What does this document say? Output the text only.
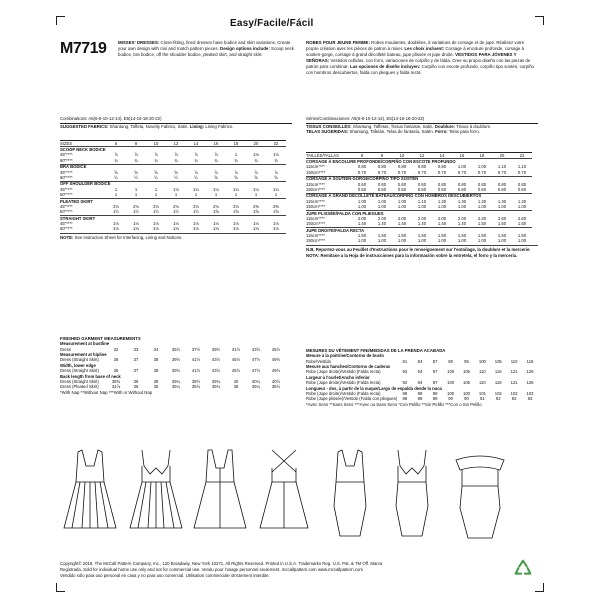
Easy/Facile/Fácil
M7719	MISSES' DRESSES: Close-fitting, lined dresses have bodice and skirt variations. Create your own design with mix and match pattern pieces. Design options include: Scoop neck bodice, bra bodice, off the shoulder bodice, pleated skirt, and straight skirt.
ROBES POUR JEUNE FEMME: Robes moulantes, doublées, à variations de corsage et de jupe. Réalisez votre propre création avec les pièces de patron à mixer. Les choix incluent: Corsage à encolure profonde, corsage à soutien-gorge, corsage à grand décolleté bateau, jupe plissée et jupe droite. VESTIDOS PARA JÓVENES Y SEÑORAS: Vestidos ceñidos, con forro, variaciones de corpiño y de falda. Cree su propio diseño con las piezas de patrón para combinar. Las opciones de diseño incluyen: Corpiño con escote profundo, corpiño tipo sostén, corpiño con hombros descubiertos, falda con pliegues y falda recta.
Combinations: A5(6-8-10-12-14), E5(14-16-18-20-22)
SUGGESTED FABRICS: Shantung, Taffeta, Novelty Fabrics, Satin. Lining: Lining Fabrics.
SIZES	6	8	10	12	14	16	18	20	22
SCOOP NECK BODICE									
45"****	⅞	⅞	⅞	⅞	⅞	⅞	1	1⅛	1⅛
60"****	¾	¾	¾	¾	¾	¾	¾	¾	¾
BRA BODICE									
45"****	⅝	⅝	⅝	⅝	⅞	⅞	⅞	⅞	⅞
60"****	½	½	½	½	½	⅝	⅝	⅝	⅝
OFF SHOULDER BODICE									
45"****	1	1	1	1⅛	1¼	1¼	1¼	1¼	1¼
60"****	1	1	1	1	1	1	1	1	1
PLEATED SKIRT									
45"****	2⅛	2⅛	2⅛	2⅛	2⅛	2⅛	2⅛	2⅜	2⅜
60"****	1½	1½	1½	1½	1½	1⅝	1⅝	1⅝	1⅝
STRAIGHT SKIRT									
45"****	1⅛	1⅛	1⅛	1⅛	1⅛	1⅛	1⅛	1⅛	1⅛
60"****	1⅛	1⅛	1⅛	1⅛	1⅛	1⅛	1⅛	1⅛	1⅛
NOTE: See Instruction Sheet for Interfacing, Lining and Notions.
FINISHED GARMENT MEASUREMENTS
Measurement at bustline									
Dress	32	33	34	35½	37½	39½	41½	43½	45½
Measurement at hipline									
Dress (Straight Skirt)	36	37	38	39½	41½	43½	45½	47½	49½
Width, lower edge									
Dress (Straight Skirt)	36	37	38	39½	41½	43½	45½	47½	49½
Back length from base of neck									
Dress (Straight Skirt)	38¾	39	39	39¼	39½	39¾	40	40¼	40½
Dress (Pleated Skirt)	34⅞	35	35	35¼	35½	35¾	36	36¼	36½
*With Nap **Without Nap ***With or Without Nap
Séries/Combinaciones: A5(6-8-10-12-14), E5(14-16-18-20-22)
TISSUS CONSEILLÉS: Shantung, Taffetas, Tissus fantaisie, Satin. Doublure: Tissus à doublure.
TELAS SUGERIDAS: Shantung, Tafetán, Telas de fantasía, Satén. Forro: Telas para forro.
TAILLES/TALLAS	6	8	10	12	14	16	18	20	22
CORSAGE À ENCOLURE PROFONDE/CORPIÑO CON ESCOTE PROFUNDO									
115cm****	0.80	0.80	0.80	0.80	0.80	1.00	1.00	1.10	1.10
150cm****	0.70	0.70	0.70	0.70	0.70	0.70	0.70	0.70	0.70
CORSAGE À SOUTIEN-GORGE/CORPIÑO TIPO SOSTÉN									
115cm****	0.60	0.60	0.60	0.60	0.80	0.80	0.80	0.80	0.80
150cm****	0.50	0.50	0.50	0.50	0.50	0.60	0.60	0.60	0.60
CORSAGE À GRAND DÉCOLLETÉ BATEAU/CORPIÑO CON HOMBROS DESCUBIERTOS									
115cm****	1.00	1.00	1.00	1.10	1.30	1.30	1.30	1.30	1.30
150cm****	1.00	1.00	1.00	1.00	1.00	1.00	1.00	1.00	1.00
JUPE PLISSÉE/FALDA CON PLIEGUES									
115cm****	2.00	2.00	2.00	2.00	2.00	2.00	2.40	2.60	2.60
150cm****	1.40	1.40	1.40	1.40	1.40	1.40	1.50	1.50	1.50
JUPE DROITE/FALDA RECTA									
115cm****	1.50	1.50	1.50	1.50	1.50	1.50	1.50	1.50	1.50
150cm****	1.00	1.00	1.00	1.00	1.00	1.00	1.00	1.00	1.00
N.B. Reportez-vous au Feuillet d'Instructions pour le renseignement sur l'entoilage, la doublure et la mercerie. NOTA: Remítase a la Hoja de instrucciones para la información sobre la entretela, el forro y la mercería.
MESURES DU VÊTEMENT FINI/MEDIDAS DE LA PRENDA ACABADA
Mesure à la poitrine/Contorno de busto									
Robe/Vestido	81	84	87	90	95	100	105	110	116
Mesure aux hanches/Contorno de caderas									
Robe (Jupe droite)/Vestido (Falda recta)	92	94	97	100	105	110	116	121	126
Largeur à l'ourlet/Ancho inferior									
Robe (Jupe droite)/Vestido (Falda recta)	92	94	97	100	105	110	116	121	126
Longueur - dos, à partir de la nuque/Largo de espalda desde la nuca									
Robe (Jupe droite)/Vestido (Falda recta)	98	99	99	100	100	101	102	102	103
Robe (Jupe plissée)/Vestido (Falda con pliegues)	88	89	89	90	90	91	92	92	93
*Avec Sens **Sans Sens ***Avec ou Sans Sens *Con Pelillo **Sin Pelillo ***Con o Sin Pelillo
Copyright© 2018, The McCall Pattern Company, Inc., 120 Broadway, New York 10271. All Rights Reserved. Printed in U.S.A. Trademarks Reg. U.S. Pat. & TM Off. Marca
Registrada. Sold for individual home use only and not for commercial use. Vendu pour l'usage personnel seulement. mccallpattern.com www.mccallpattern.com
Vendido sólo para uso personal en casa y no para uso comercial. Utilisation commerciale strictement interdite.
